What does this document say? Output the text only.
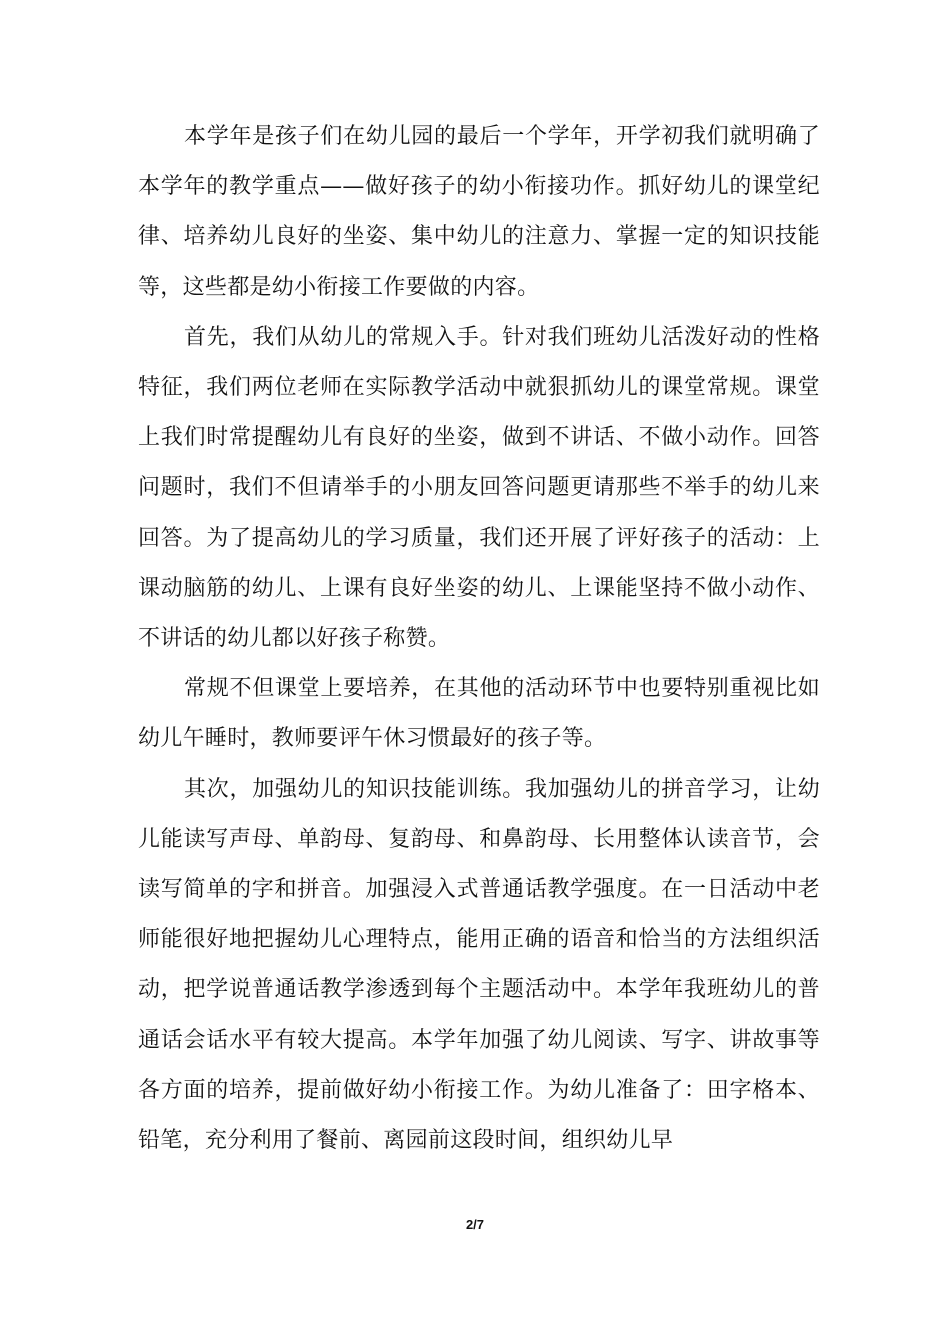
本学年是孩子们在幼儿园的最后一个学年，开学初我们就明确了本学年的教学重点——做好孩子的幼小衔接功作。抓好幼儿的课堂纪律、培养幼儿良好的坐姿、集中幼儿的注意力、掌握一定的知识技能等，这些都是幼小衔接工作要做的内容。

首先，我们从幼儿的常规入手。针对我们班幼儿活泼好动的性格特征，我们两位老师在实际教学活动中就狠抓幼儿的课堂常规。课堂上我们时常提醒幼儿有良好的坐姿，做到不讲话、不做小动作。回答问题时，我们不但请举手的小朋友回答问题更请那些不举手的幼儿来回答。为了提高幼儿的学习质量，我们还开展了评好孩子的活动：上课动脑筋的幼儿、上课有良好坐姿的幼儿、上课能坚持不做小动作、不讲话的幼儿都以好孩子称赞。

常规不但课堂上要培养，在其他的活动环节中也要特别重视比如幼儿午睡时，教师要评午休习惯最好的孩子等。

其次，加强幼儿的知识技能训练。我加强幼儿的拼音学习，让幼儿能读写声母、单韵母、复韵母、和鼻韵母、长用整体认读音节，会读写简单的字和拼音。加强浸入式普通话教学强度。在一日活动中老师能很好地把握幼儿心理特点，能用正确的语音和恰当的方法组织活动，把学说普通话教学渗透到每个主题活动中。本学年我班幼儿的普通话会话水平有较大提高。本学年加强了幼儿阅读、写字、讲故事等各方面的培养，提前做好幼小衔接工作。为幼儿准备了：田字格本、铅笔，充分利用了餐前、离园前这段时间，组织幼儿早

2/7
